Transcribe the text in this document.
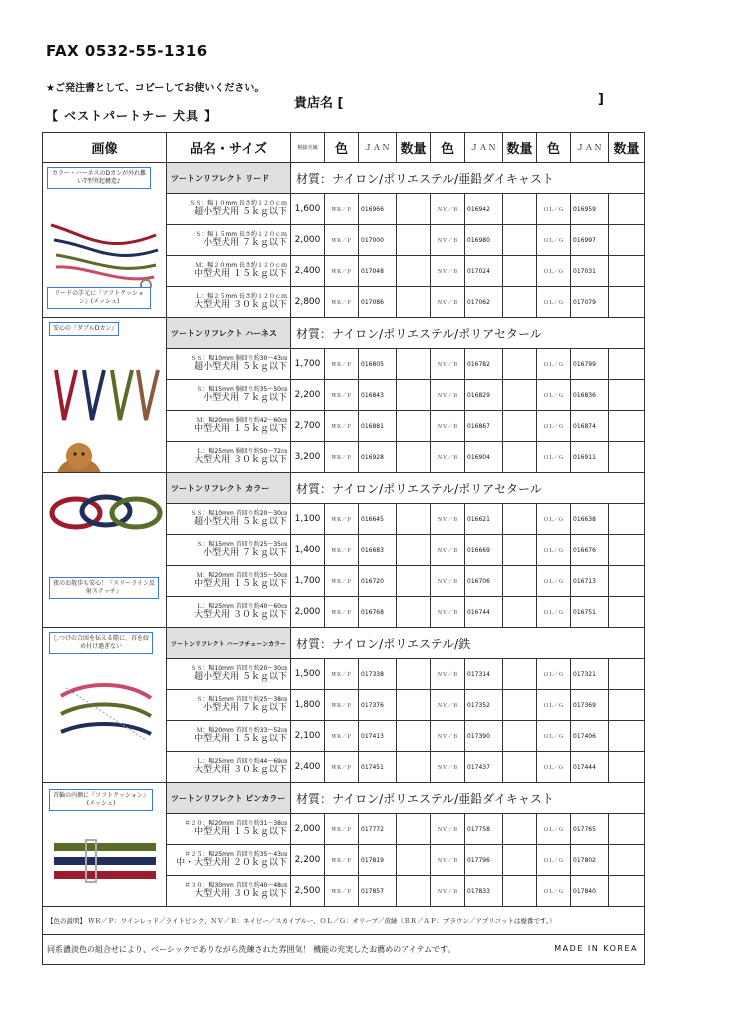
FAX 0532-55-1316
★ご発注書として、コピーしてお使いください。
【 ベストパートナー 犬具 】
貴店名 [	]
画像	品名・サイズ	税抜売価	色	ＪＡＮ	数量	色	ＪＡＮ	数量	色	ＪＡＮ	数量

カラー・ハーネスのDカンが外れ難いT型突起構造♪
リードの手元に『ソフトクッション』(メッシュ)	ツートンリフレクト リード	材質：ナイロン/ポリエステル/亜鉛ダイキャスト									

	ＳＳ：幅１０mm 長さ約１２０ｃｍ
超小型犬用 ５ｋｇ以下	1,600	ＷＲ／Ｐ	016966		ＮＶ／Ｂ	016942		ＯＬ／Ｇ	016959	

	Ｓ：幅１５mm 長さ約１２０ｃｍ
小型犬用 ７ｋｇ以下	2,000	ＷＲ／Ｐ	017000		ＮＶ／Ｂ	016980		ＯＬ／Ｇ	016997	

	Ｍ：幅２０mm 長さ約１２０ｃｍ
中型犬用 １５ｋｇ以下	2,400	ＷＲ／Ｐ	017048		ＮＶ／Ｂ	017024		ＯＬ／Ｇ	017031	

	Ｌ：幅２５mm 長さ約１２０ｃｍ
大型犬用 ３０ｋｇ以下	2,800	ＷＲ／Ｐ	017086		ＮＶ／Ｂ	017062		ＯＬ／Ｇ	017079	

安心の『ダブルDカン』	ツートンリフレクト ハーネス	材質：ナイロン/ポリエステル/ポリアセタール									

	ＳＳ：幅10mm 胴回り約30～43㎝
超小型犬用 ５ｋｇ以下	1,700	ＷＲ／Ｐ	016805		ＮＶ／Ｂ	016782		ＯＬ／Ｇ	016799	

	Ｓ：幅15mm 胴回り約35～50㎝
小型犬用 ７ｋｇ以下	2,200	ＷＲ／Ｐ	016843		ＮＶ／Ｂ	016829		ＯＬ／Ｇ	016836	

	Ｍ：幅20mm 胴回り約42～60㎝
中型犬用 １５ｋｇ以下	2,700	ＷＲ／Ｐ	016881		ＮＶ／Ｂ	016867		ＯＬ／Ｇ	016874	

	Ｌ：幅25mm 胴回り約50～72㎝
大型犬用 ３０ｋｇ以下	3,200	ＷＲ／Ｐ	016928		ＮＶ／Ｂ	016904		ＯＬ／Ｇ	016911	

夜のお散歩も安心！『スリーライン反射ステッチ』	ツートンリフレクト カラー	材質：ナイロン/ポリエステル/ポリアセタール									

	ＳＳ：幅10mm 首回り約20～30㎝
超小型犬用 ５ｋｇ以下	1,100	ＷＲ／Ｐ	016645		ＮＶ／Ｂ	016621		ＯＬ／Ｇ	016638	

	Ｓ：幅15mm 首回り約25～35㎝
小型犬用 ７ｋｇ以下	1,400	ＷＲ／Ｐ	016683		ＮＶ／Ｂ	016669		ＯＬ／Ｇ	016676	

	Ｍ：幅20mm 首回り約35～50㎝
中型犬用 １５ｋｇ以下	1,700	ＷＲ／Ｐ	016720		ＮＶ／Ｂ	016706		ＯＬ／Ｇ	016713	

	Ｌ：幅25mm 首回り約40～60㎝
大型犬用 ３０ｋｇ以下	2,000	ＷＲ／Ｐ	016768		ＮＶ／Ｂ	016744		ＯＬ／Ｇ	016751	

しつけの合図を伝える際に、首を絞め付け過ぎない	ツートンリフレクト ハーフチェーンカラー	材質：ナイロン/ポリエステル/鉄									

	ＳＳ：幅10mm 首回り約20～30㎝
超小型犬用 ５ｋｇ以下	1,500	ＷＲ／Ｐ	017338		ＮＶ／Ｂ	017314		ＯＬ／Ｇ	017321	

	Ｓ：幅15mm 首回り約25～38㎝
小型犬用 ７ｋｇ以下	1,800	ＷＲ／Ｐ	017376		ＮＶ／Ｂ	017352		ＯＬ／Ｇ	017369	

	Ｍ：幅20mm 首回り約33～52㎝
中型犬用 １５ｋｇ以下	2,100	ＷＲ／Ｐ	017413		ＮＶ／Ｂ	017390		ＯＬ／Ｇ	017406	

	Ｌ：幅25mm 首回り約44～69㎝
大型犬用 ３０ｋｇ以下	2,400	ＷＲ／Ｐ	017451		ＮＶ／Ｂ	017437		ＯＬ／Ｇ	017444	

首輪の内側に『ソフトクッション』(メッシュ)	ツートンリフレクト ピンカラー	材質：ナイロン/ポリエステル/亜鉛ダイキャスト									

	＃２０：幅20mm 首回り約31～38㎝
中型犬用 １５ｋｇ以下	2,000	ＷＲ／Ｐ	017772		ＮＶ／Ｂ	017758		ＯＬ／Ｇ	017765	

	＃２５：幅25mm 首回り約35～43㎝
中・大型犬用 ２０ｋｇ以下	2,200	ＷＲ／Ｐ	017819		ＮＶ／Ｂ	017796		ＯＬ／Ｇ	017802	

	＃３０：幅30mm 首回り約40～48㎝
大型犬用 ３０ｋｇ以下	2,500	ＷＲ／Ｐ	017857		ＮＶ／Ｂ	017833		ＯＬ／Ｇ	017840	
【色の説明】 ＷＲ／Ｐ：ワインレッド／ライトピンク、ＮＶ／Ｂ：ネイビー／スカイブルー、ＯＬ／Ｇ：オリーブ／黄緑（ＢＲ／ＡＰ：ブラウン／アプリコットは廃番です。）											
同系濃淡色の組合せにより、ベーシックでありながら洗練された雰囲気！ 機能の充実したお薦めのアイテムです。 MADE IN KOREA											
